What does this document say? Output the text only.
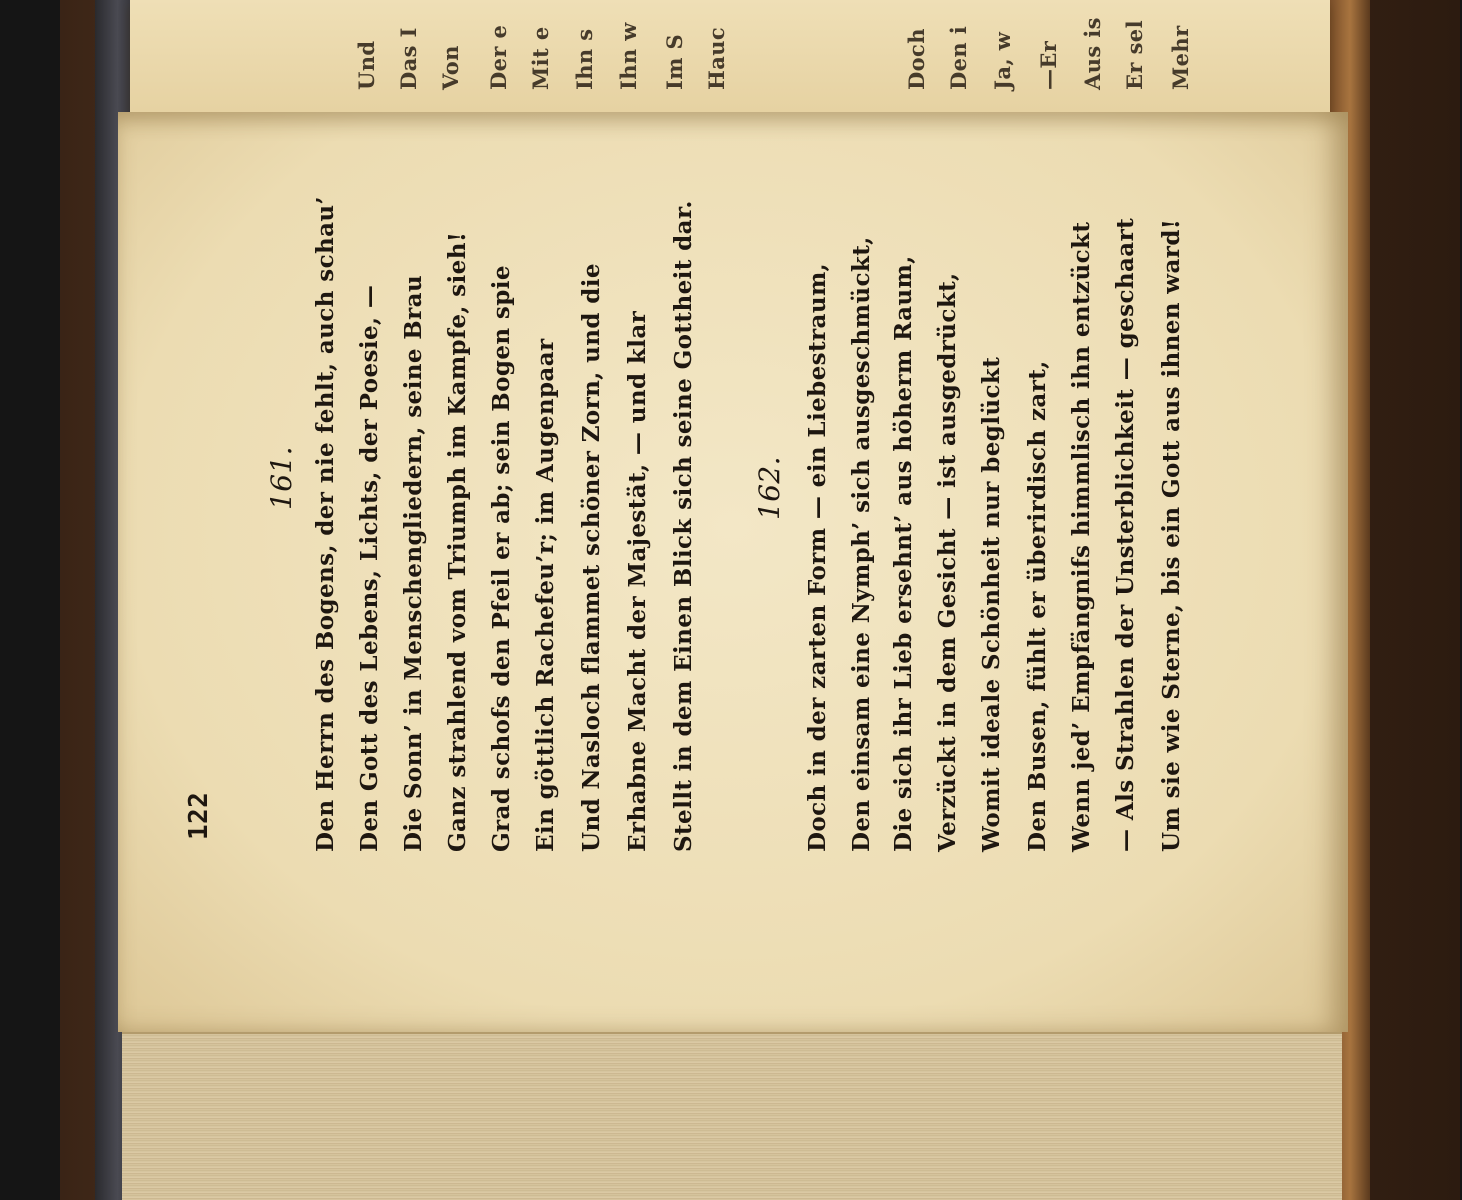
Und Das I Von Der e Mit e Ihn s Ihn w Im S Hauc	Doch Den i Ja, w —Er Aus is Er sel Mehr

122

161. Den Herrn des Bogens, der nie fehlt, auch schau’ Den Gott des Lebens, Lichts, der Poesie, — Die Sonn’ in Menschengliedern, seine Brau Ganz strahlend vom Triumph im Kampfe, sieh! Grad schofs den Pfeil er ab; sein Bogen spie Ein göttlich Rachefeu’r; im Augenpaar Und Nasloch flammet schöner Zorn, und die Erhabne Macht der Majestät, — und klar Stellt in dem Einen Blick sich seine Gottheit dar. 162. Doch in der zarten Form — ein Liebestraum, Den einsam eine Nymph’ sich ausgeschmückt, Die sich ihr Lieb ersehnt’ aus höherm Raum, Verzückt in dem Gesicht — ist ausgedrückt, Womit ideale Schönheit nur beglückt Den Busen, fühlt er überirdisch zart, Wenn jed’ Empfängnifs himmlisch ihn entzückt — Als Strahlen der Unsterblichkeit — geschaart Um sie wie Sterne, bis ein Gott aus ihnen ward!
